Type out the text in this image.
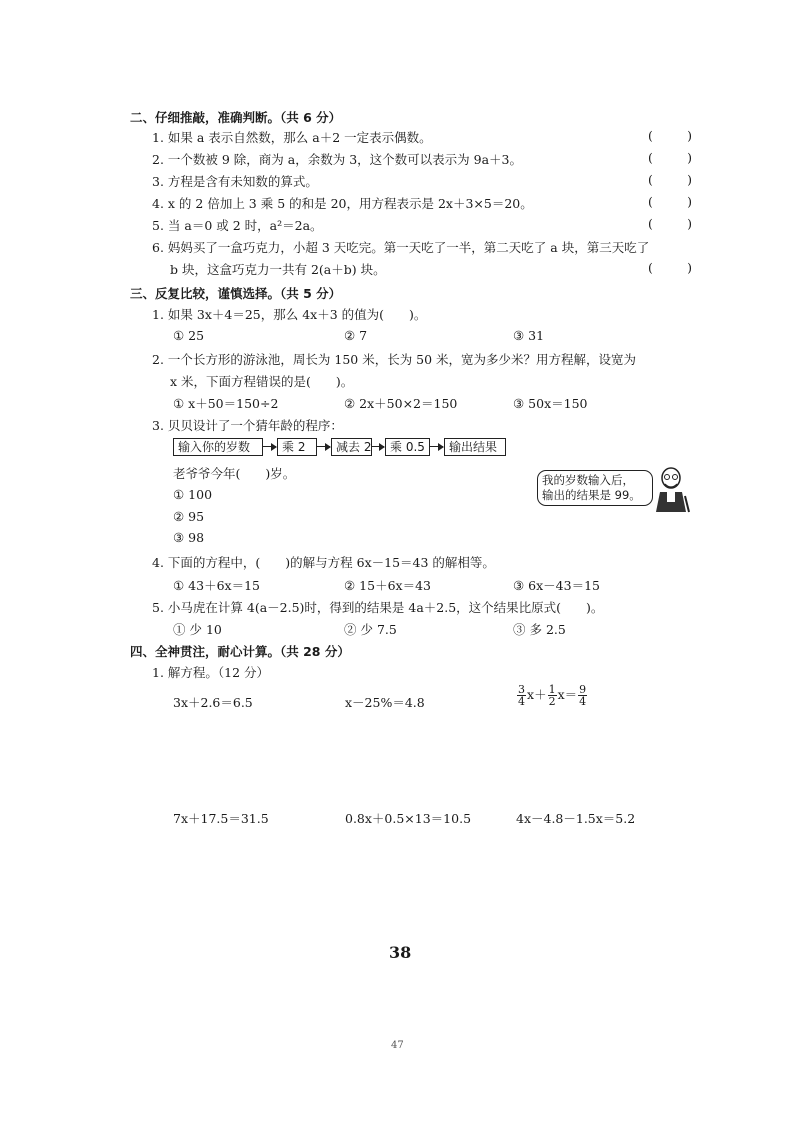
二、仔细推敲，准确判断。（共 6 分）
1. 如果 a 表示自然数，那么 a＋2 一定表示偶数。	(	)
2. 一个数被 9 除，商为 a，余数为 3，这个数可以表示为 9a＋3。	(	)
3. 方程是含有未知数的算式。	(	)
4. x 的 2 倍加上 3 乘 5 的和是 20，用方程表示是 2x＋3×5＝20。	(	)
5. 当 a＝0 或 2 时，a²＝2a。	(	)
6. 妈妈买了一盒巧克力，小超 3 天吃完。第一天吃了一半，第二天吃了 a 块，第三天吃了
b 块，这盒巧克力一共有 2(a＋b) 块。	(	)
三、反复比较，谨慎选择。（共 5 分）
1. 如果 3x＋4＝25，那么 4x＋3 的值为(　　)。
① 25	② 7	③ 31
2. 一个长方形的游泳池，周长为 150 米，长为 50 米，宽为多少米？用方程解，设宽为
x 米，下面方程错误的是(　　)。
① x＋50＝150÷2	② 2x＋50×2＝150	③ 50x＝150
3. 贝贝设计了一个猜年龄的程序：
输入你的岁数	乘 2	减去 2	乘 0.5	输出结果
老爷爷今年(　　)岁。
① 100
② 95
③ 98
我的岁数输入后，
输出的结果是 99。
4. 下面的方程中，(　　)的解与方程 6x－15＝43 的解相等。
① 43＋6x＝15	② 15＋6x＝43	③ 6x－43＝15
5. 小马虎在计算 4(a－2.5)时，得到的结果是 4a＋2.5，这个结果比原式(　　)。
① 少 10	② 少 7.5	③ 多 2.5
四、全神贯注，耐心计算。（共 28 分）
1. 解方程。（12 分）
3x＋2.6＝6.5	x－25%＝4.8	$\frac{3}{4} x+ \frac{1}{2} x= \frac{9}{4}$
7x＋17.5＝31.5	0.8x＋0.5×13＝10.5	4x－4.8－1.5x＝5.2
38
47
